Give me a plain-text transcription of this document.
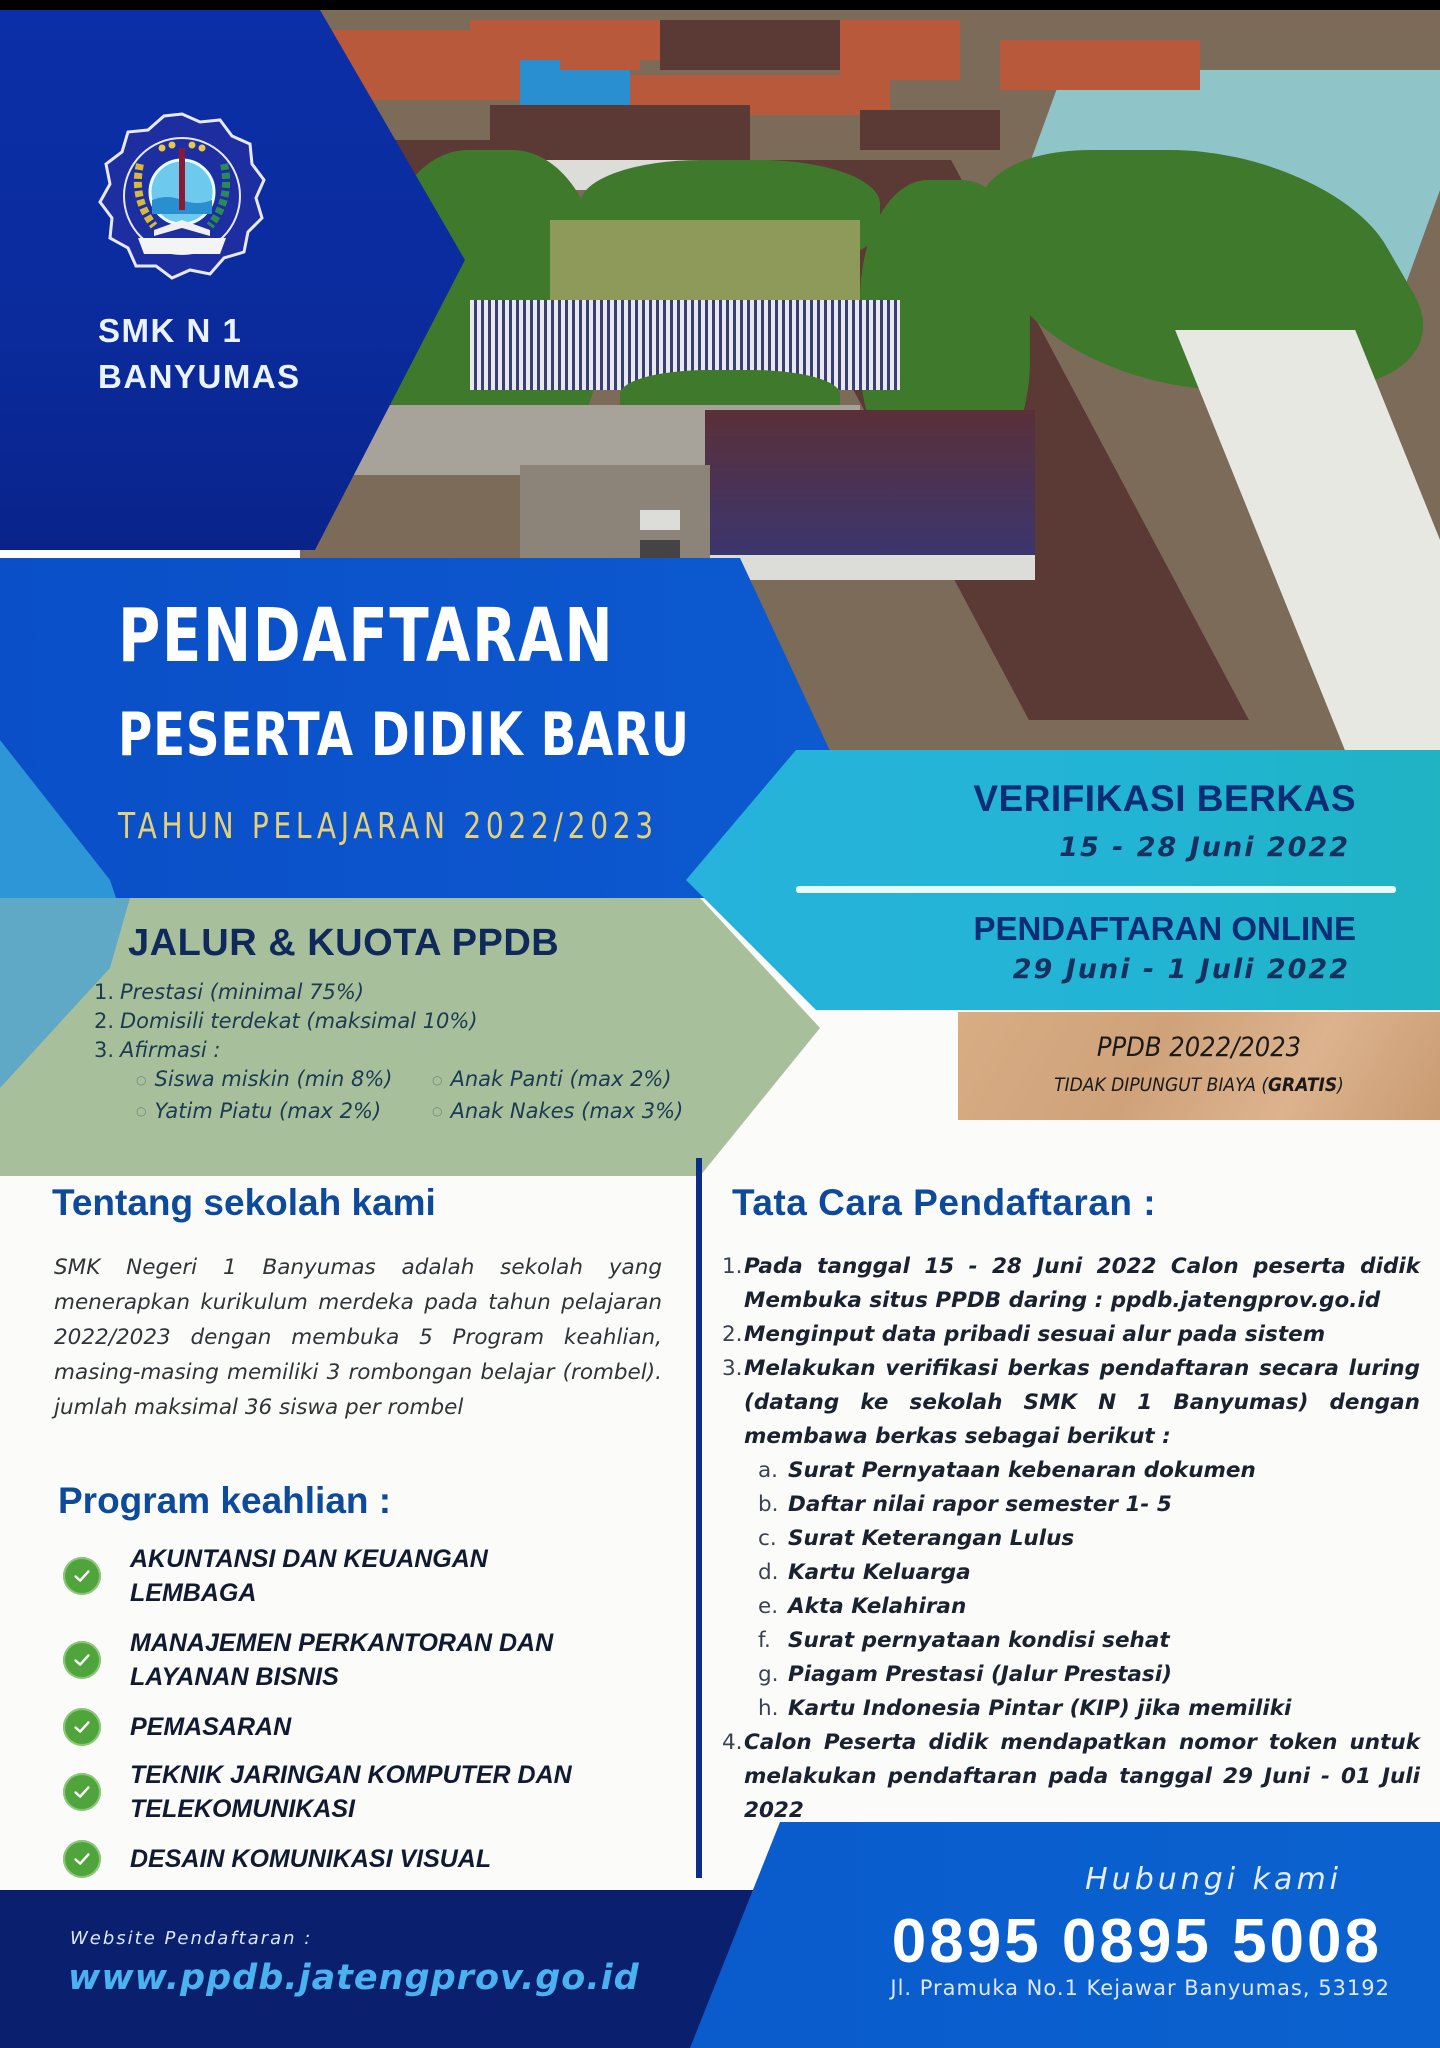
SMK N 1
BANYUMAS
PENDAFTARAN
PESERTA DIDIK BARU
TAHUN PELAJARAN 2022/2023
VERIFIKASI BERKAS
15 - 28 Juni 2022
PENDAFTARAN ONLINE
29 Juni - 1 Juli 2022
PPDB 2022/2023
TIDAK DIPUNGUT BIAYA (GRATIS)
JALUR & KUOTA PPDB
1. Prestasi (minimal 75%)
2. Domisili terdekat (maksimal 10%)
3. Afirmasi :
○ Siswa miskin (min 8%)	○ Anak Panti (max 2%)
○ Yatim Piatu (max 2%)	○ Anak Nakes (max 3%)
Tentang sekolah kami
SMK Negeri 1 Banyumas adalah sekolah yang menerapkan kurikulum merdeka pada tahun pelajaran 2022/2023 dengan membuka 5 Program keahlian, masing-masing memiliki 3 rombongan belajar (rombel). jumlah maksimal 36 siswa per rombel
Program keahlian :
AKUNTANSI DAN KEUANGAN
LEMBAGA
MANAJEMEN PERKANTORAN DAN
LAYANAN BISNIS
PEMASARAN
TEKNIK JARINGAN KOMPUTER DAN
TELEKOMUNIKASI
DESAIN KOMUNIKASI VISUAL
Tata Cara Pendaftaran :
1. Pada tanggal 15 - 28 Juni 2022 Calon peserta didik Membuka situs PPDB daring : ppdb.jatengprov.go.id
2. Menginput data pribadi sesuai alur pada sistem
3. Melakukan verifikasi berkas pendaftaran secara luring (datang ke sekolah SMK N 1 Banyumas) dengan membawa berkas sebagai berikut :
a. Surat Pernyataan kebenaran dokumen
b. Daftar nilai rapor semester 1- 5
c. Surat Keterangan Lulus
d. Kartu Keluarga
e. Akta Kelahiran
f. Surat pernyataan kondisi sehat
g. Piagam Prestasi (Jalur Prestasi)
h. Kartu Indonesia Pintar (KIP) jika memiliki
4. Calon Peserta didik mendapatkan nomor token untuk melakukan pendaftaran pada tanggal 29 Juni - 01 Juli 2022
Website Pendaftaran :
www.ppdb.jatengprov.go.id
Hubungi kami
0895 0895 5008
Jl. Pramuka No.1 Kejawar Banyumas, 53192
